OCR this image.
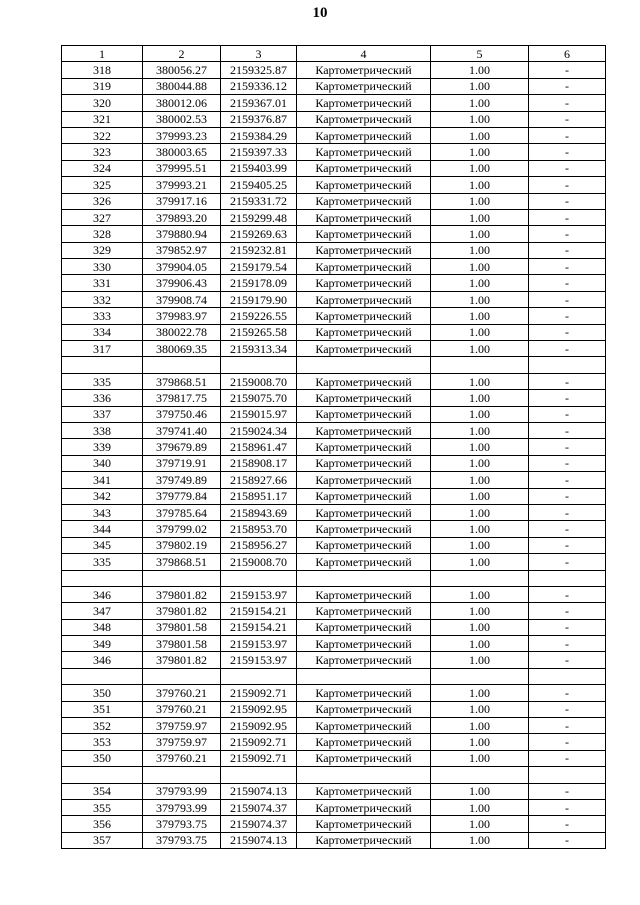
10
1	2	3	4	5	6
318	380056.27	2159325.87	Картометрический	1.00	-
319	380044.88	2159336.12	Картометрический	1.00	-
320	380012.06	2159367.01	Картометрический	1.00	-
321	380002.53	2159376.87	Картометрический	1.00	-
322	379993.23	2159384.29	Картометрический	1.00	-
323	380003.65	2159397.33	Картометрический	1.00	-
324	379995.51	2159403.99	Картометрический	1.00	-
325	379993.21	2159405.25	Картометрический	1.00	-
326	379917.16	2159331.72	Картометрический	1.00	-
327	379893.20	2159299.48	Картометрический	1.00	-
328	379880.94	2159269.63	Картометрический	1.00	-
329	379852.97	2159232.81	Картометрический	1.00	-
330	379904.05	2159179.54	Картометрический	1.00	-
331	379906.43	2159178.09	Картометрический	1.00	-
332	379908.74	2159179.90	Картометрический	1.00	-
333	379983.97	2159226.55	Картометрический	1.00	-
334	380022.78	2159265.58	Картометрический	1.00	-
317	380069.35	2159313.34	Картометрический	1.00	-

335	379868.51	2159008.70	Картометрический	1.00	-
336	379817.75	2159075.70	Картометрический	1.00	-
337	379750.46	2159015.97	Картометрический	1.00	-
338	379741.40	2159024.34	Картометрический	1.00	-
339	379679.89	2158961.47	Картометрический	1.00	-
340	379719.91	2158908.17	Картометрический	1.00	-
341	379749.89	2158927.66	Картометрический	1.00	-
342	379779.84	2158951.17	Картометрический	1.00	-
343	379785.64	2158943.69	Картометрический	1.00	-
344	379799.02	2158953.70	Картометрический	1.00	-
345	379802.19	2158956.27	Картометрический	1.00	-
335	379868.51	2159008.70	Картометрический	1.00	-

346	379801.82	2159153.97	Картометрический	1.00	-
347	379801.82	2159154.21	Картометрический	1.00	-
348	379801.58	2159154.21	Картометрический	1.00	-
349	379801.58	2159153.97	Картометрический	1.00	-
346	379801.82	2159153.97	Картометрический	1.00	-

350	379760.21	2159092.71	Картометрический	1.00	-
351	379760.21	2159092.95	Картометрический	1.00	-
352	379759.97	2159092.95	Картометрический	1.00	-
353	379759.97	2159092.71	Картометрический	1.00	-
350	379760.21	2159092.71	Картометрический	1.00	-

354	379793.99	2159074.13	Картометрический	1.00	-
355	379793.99	2159074.37	Картометрический	1.00	-
356	379793.75	2159074.37	Картометрический	1.00	-
357	379793.75	2159074.13	Картометрический	1.00	-
